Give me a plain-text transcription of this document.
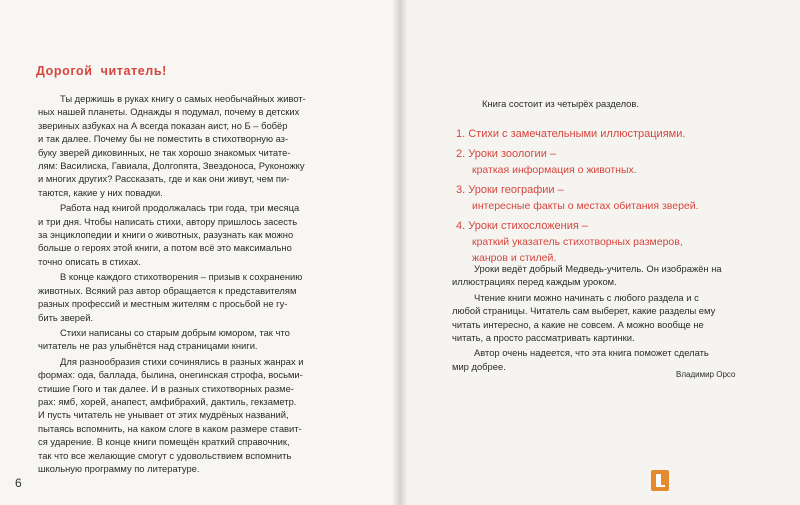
Дорогой читатель!
Ты держишь в руках книгу о самых необычайных живот-
ных нашей планеты. Однажды я подумал, почему в детских
звериных азбуках на А всегда показан аист, но Б – бобёр
и так далее. Почему бы не поместить в стихотворную аз-
буку зверей диковинных, не так хорошо знакомых читате-
лям: Василиска, Гавиала, Долгопята, Звездоноса, Руконожку
и многих других? Рассказать, где и как они живут, чем пи-
таются, какие у них повадки.
Работа над книгой продолжалась три года, три месяца
и три дня. Чтобы написать стихи, автору пришлось засесть
за энциклопедии и книги о животных, разузнать как можно
больше о героях этой книги, а потом всё это максимально
точно описать в стихах.
В конце каждого стихотворения – призыв к сохранению
животных. Всякий раз автор обращается к представителям
разных профессий и местным жителям с просьбой не гу-
бить зверей.
Стихи написаны со старым добрым юмором, так что
читатель не раз улыбнётся над страницами книги.
Для разнообразия стихи сочинялись в разных жанрах и
формах: ода, баллада, былина, онегинская строфа, восьми-
стишие Гюго и так далее. И в разных стихотворных разме-
рах: ямб, хорей, анапест, амфибрахий, дактиль, гекзаметр.
И пусть читатель не унывает от этих мудрёных названий,
пытаясь вспомнить, на каком слоге в каком размере ставит-
ся ударение. В конце книги помещён краткий справочник,
так что все желающие смогут с удовольствием вспомнить
школьную программу по литературе.
6
Книга состоит из четырёх разделов.
1. Стихи с замечательными иллюстрациями.
2. Уроки зоологии –
краткая информация о животных.
3. Уроки географии –
интересные факты о местах обитания зверей.
4. Уроки стихосложения –
краткий указатель стихотворных размеров,
жанров и стилей.
Уроки ведёт добрый Медведь-учитель. Он изображён на
иллюстрациях перед каждым уроком.
Чтение книги можно начинать с любого раздела и с
любой страницы. Читатель сам выберет, какие разделы ему
читать интересно, а какие не совсем. А можно вообще не
читать, а просто рассматривать картинки.
Автор очень надеется, что эта книга поможет сделать
мир добрее.
Владимир Орсо
